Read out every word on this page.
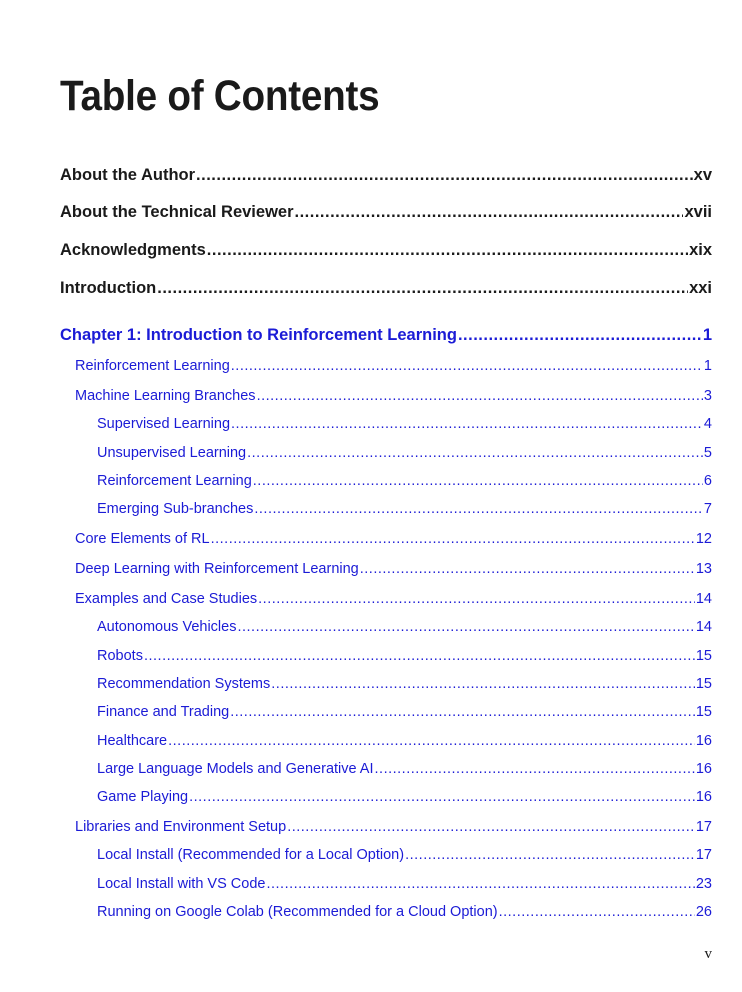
Table of Contents
About the Author .....	xv
About the Technical Reviewer .....	xvii
Acknowledgments .....	xix
Introduction .....	xxi
Chapter 1: Introduction to Reinforcement Learning .....	1
Reinforcement Learning .....	1
Machine Learning Branches .....	3
Supervised Learning .....	4
Unsupervised Learning .....	5
Reinforcement Learning .....	6
Emerging Sub-branches .....	7
Core Elements of RL .....	12
Deep Learning with Reinforcement Learning .....	13
Examples and Case Studies .....	14
Autonomous Vehicles .....	14
Robots .....	15
Recommendation Systems .....	15
Finance and Trading .....	15
Healthcare .....	16
Large Language Models and Generative AI .....	16
Game Playing .....	16
Libraries and Environment Setup .....	17
Local Install (Recommended for a Local Option) .....	17
Local Install with VS Code .....	23
Running on Google Colab (Recommended for a Cloud Option) .....	26
v
